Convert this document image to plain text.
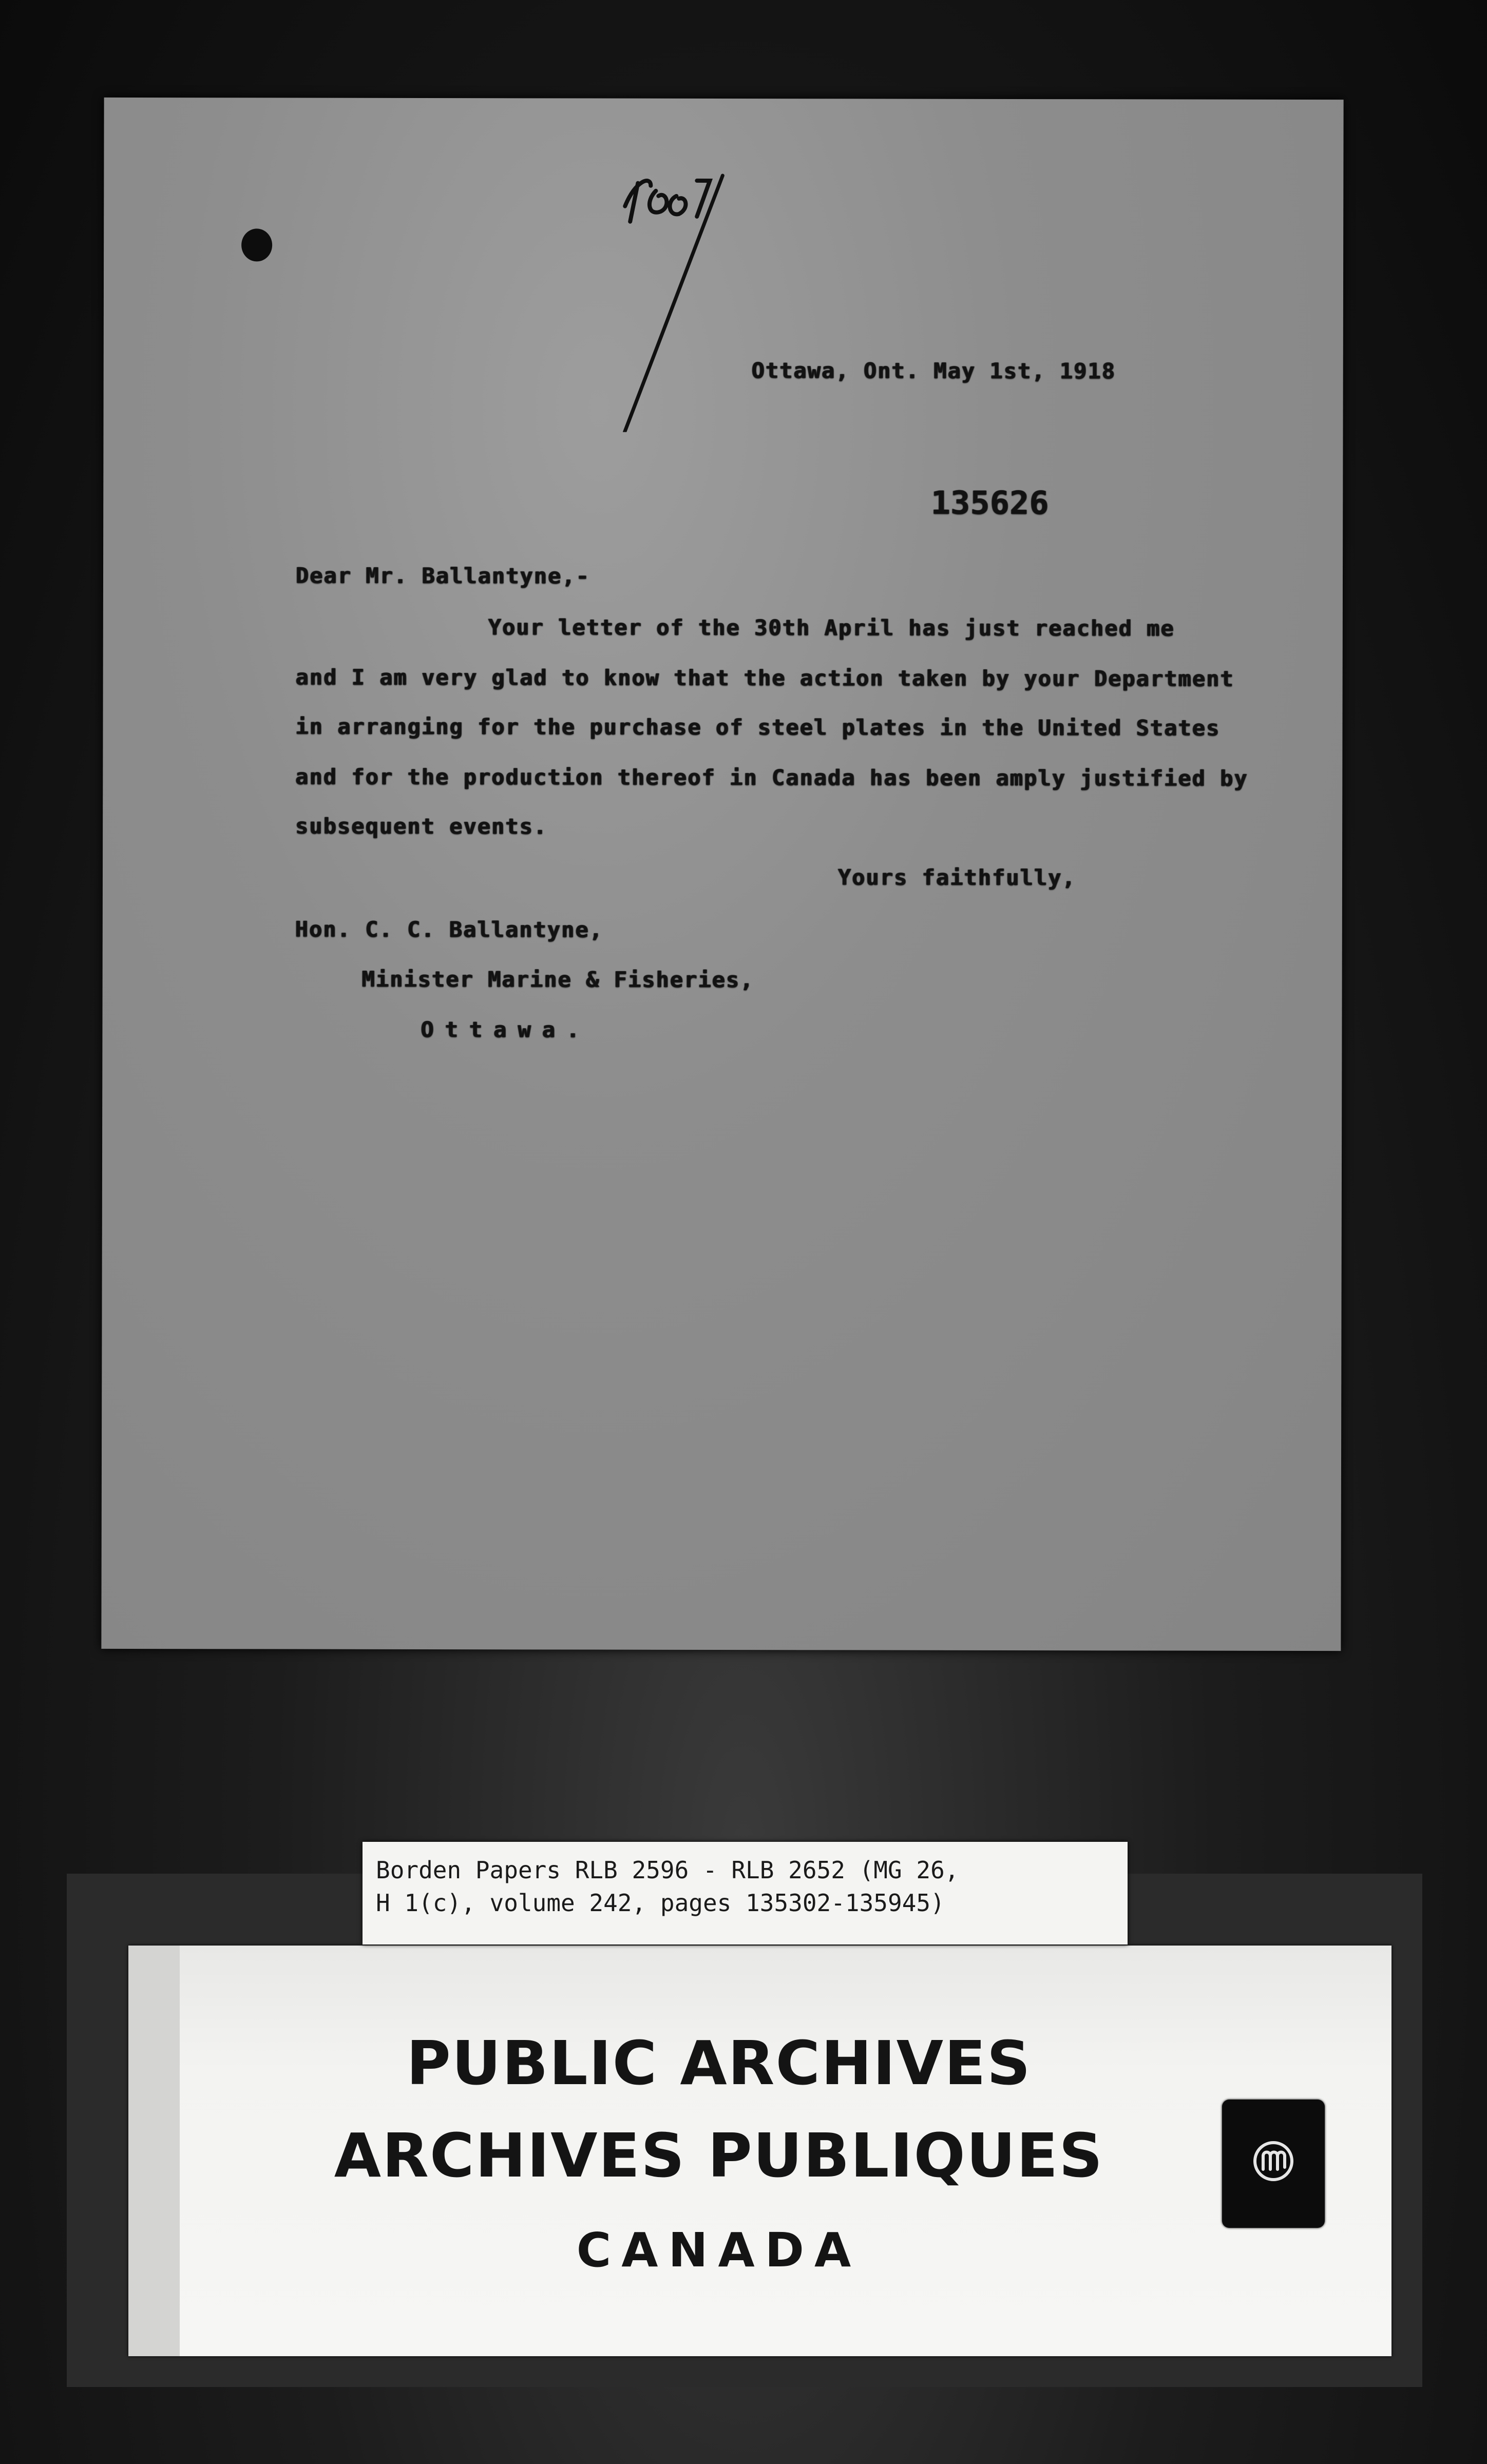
Ottawa, Ont. May 1st, 1918
135626
Dear Mr. Ballantyne,-
Your letter of the 30th April has just reached me
and I am very glad to know that the action taken by your Department
in arranging for the purchase of steel plates in the United States
and for the production thereof in Canada has been amply justified by
subsequent events.
Yours faithfully,
Hon. C. C. Ballantyne,
Minister Marine & Fisheries,
Ottawa.
PUBLIC ARCHIVES
ARCHIVES PUBLIQUES
CANADA
Borden Papers RLB 2596 - RLB 2652 (MG 26,
H 1(c), volume 242, pages 135302-135945)
